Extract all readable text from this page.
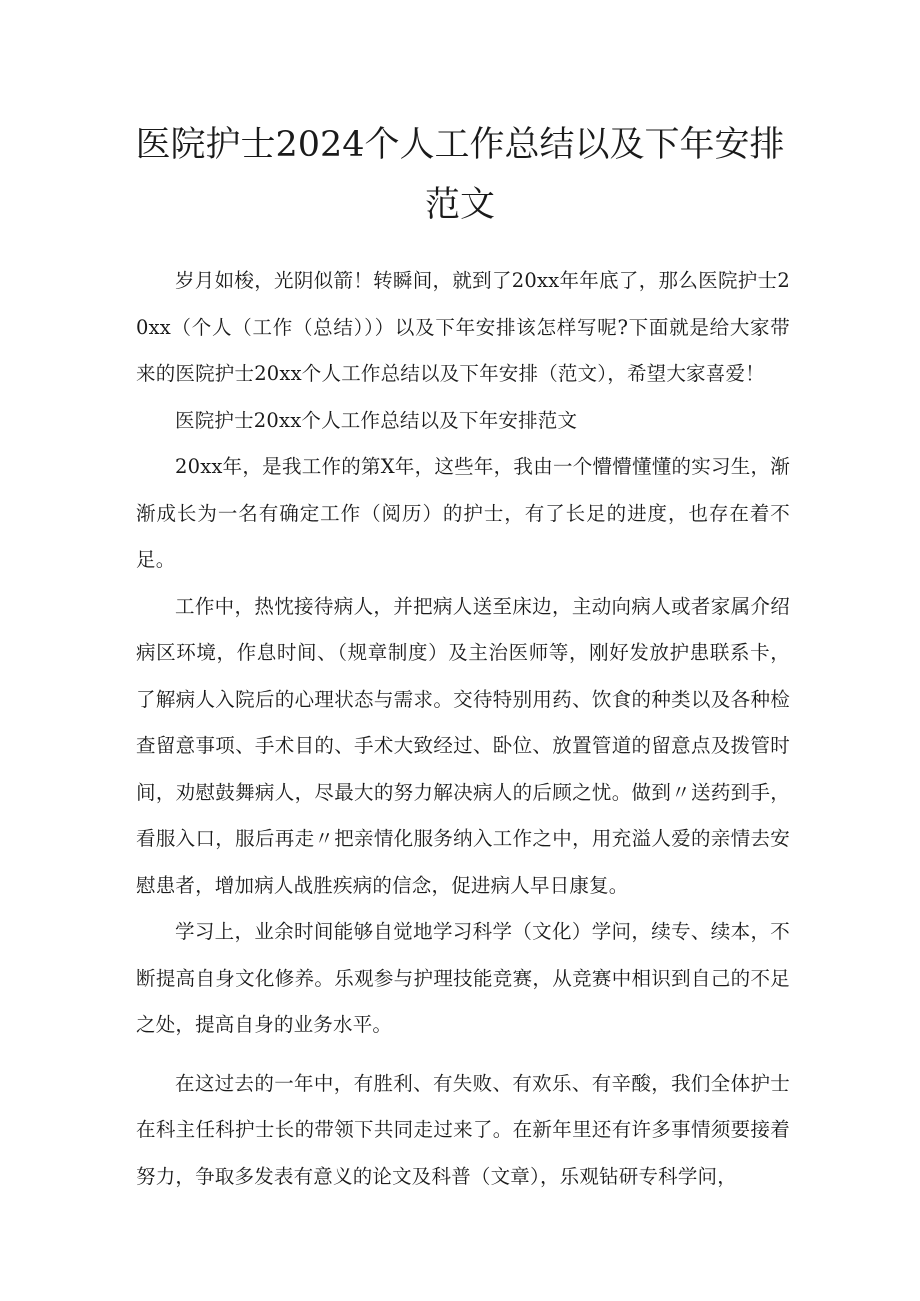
医院护士2024个人工作总结以及下年安排
范文

岁月如梭，光阴似箭！转瞬间，就到了20xx年年底了，那么医院护士20xx（个人（工作（总结）））以及下年安排该怎样写呢?下面就是给大家带来的医院护士20xx个人工作总结以及下年安排（范文），希望大家喜爱！

医院护士20xx个人工作总结以及下年安排范文

20xx年，是我工作的第X年，这些年，我由一个懵懵懂懂的实习生，渐渐成长为一名有确定工作（阅历）的护士，有了长足的进度，也存在着不足。

工作中，热忱接待病人，并把病人送至床边，主动向病人或者家属介绍病区环境，作息时间、（规章制度）及主治医师等，刚好发放护患联系卡，了解病人入院后的心理状态与需求。交待特别用药、饮食的种类以及各种检查留意事项、手术目的、手术大致经过、卧位、放置管道的留意点及拨管时间，劝慰鼓舞病人，尽最大的努力解决病人的后顾之忧。做到〃送药到手，看服入口，服后再走〃把亲情化服务纳入工作之中，用充溢人爱的亲情去安慰患者，增加病人战胜疾病的信念，促进病人早日康复。

学习上，业余时间能够自觉地学习科学（文化）学问，续专、续本，不断提高自身文化修养。乐观参与护理技能竞赛，从竞赛中相识到自己的不足之处，提高自身的业务水平。

在这过去的一年中，有胜利、有失败、有欢乐、有辛酸，我们全体护士在科主任科护士长的带领下共同走过来了。在新年里还有许多事情须要接着努力，争取多发表有意义的论文及科普（文章），乐观钻研专科学问，
